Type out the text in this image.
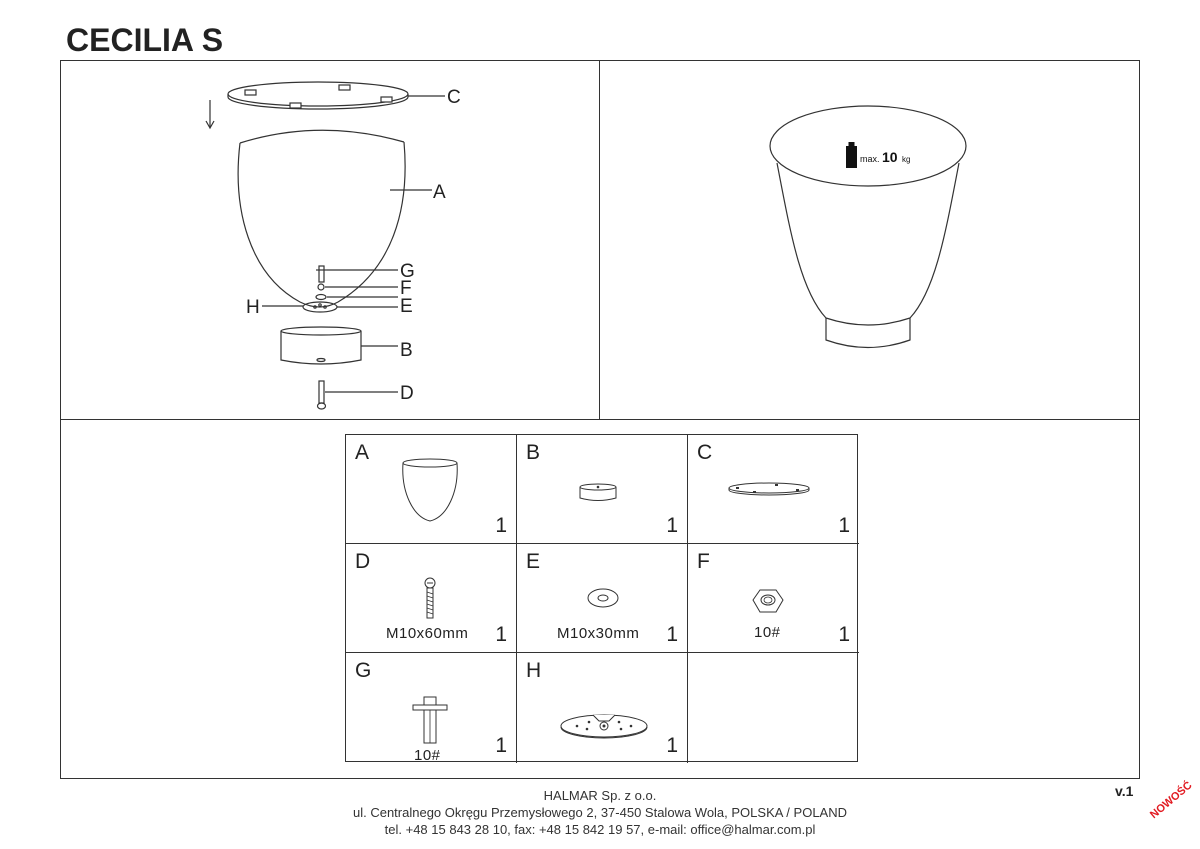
CECILIA S
C
A
G
F
E
H
B
D
max. 10 kg
A
1
B
1
C
1
D
M10x60mm 1
E
M10x30mm 1
F
10#	1
G
10#	1
H
1
HALMAR Sp. z o.o.
ul. Centralnego Okręgu Przemysłowego 2, 37-450 Stalowa Wola, POLSKA / POLAND
tel. +48 15 843 28 10, fax: +48 15 842 19 57, e-mail: office@halmar.com.pl
v.1 NOWOŚĆ
